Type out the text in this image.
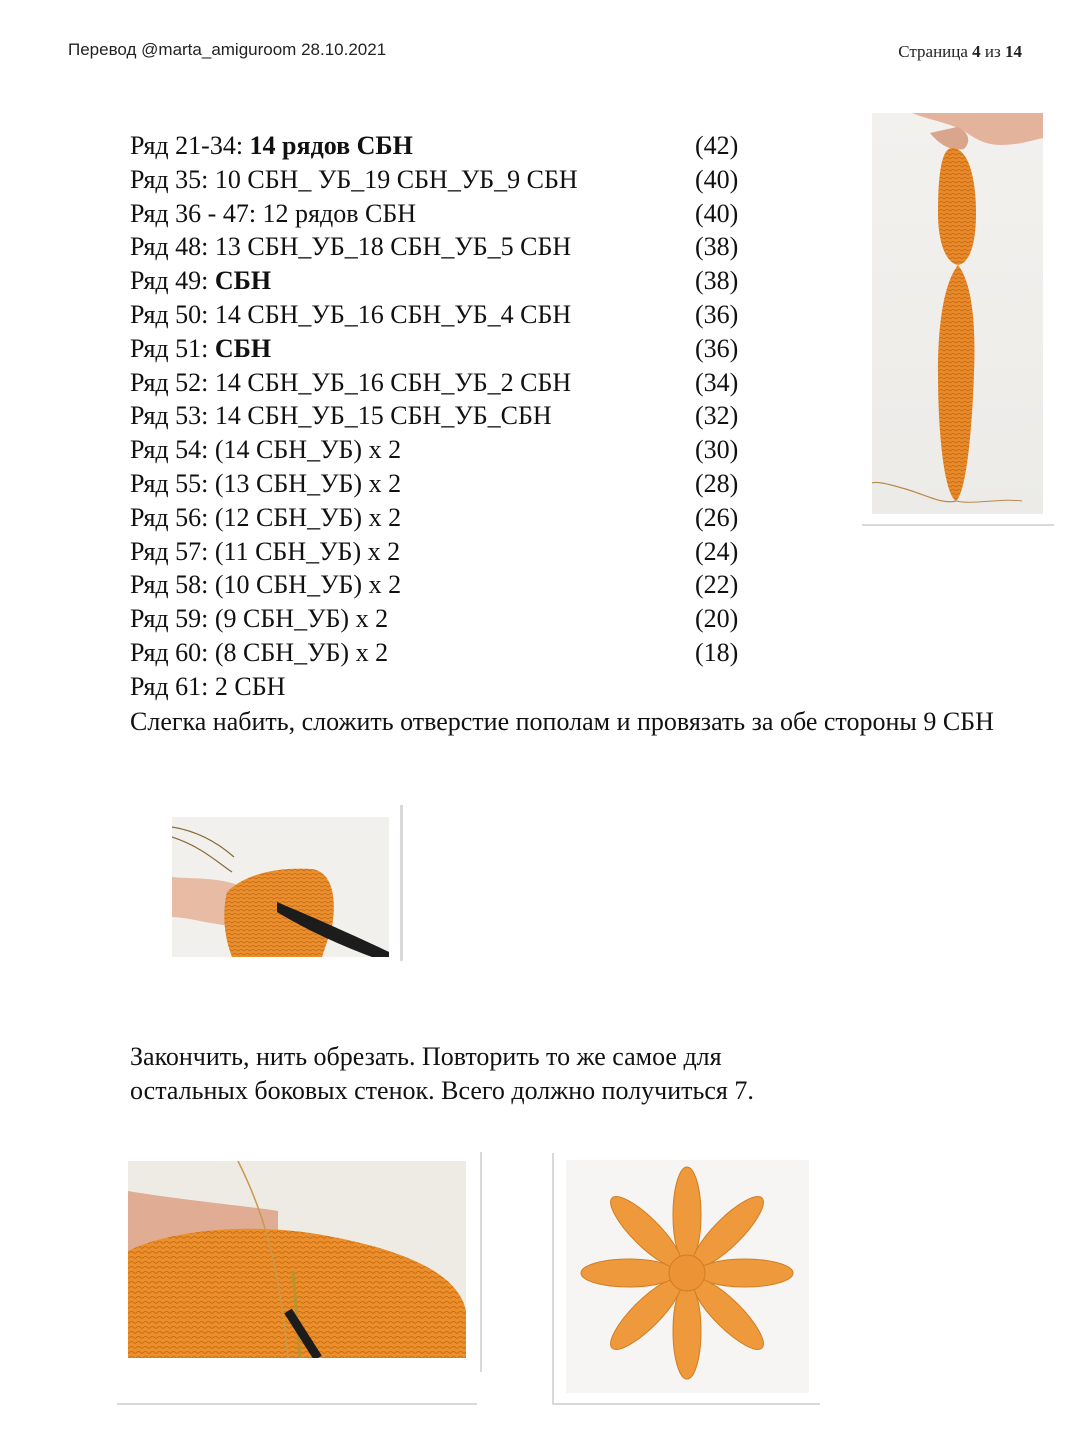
Перевод @marta_amiguroom 28.10.2021	Страница 4 из 14
Ряд 21-34: 14 рядов СБН	(42)
Ряд 35: 10 СБН_ УБ_19 СБН_УБ_9 СБН	(40)
Ряд 36 - 47: 12 рядов СБН	(40)
Ряд 48: 13 СБН_УБ_18 СБН_УБ_5 СБН	(38)
Ряд 49: СБН	(38)
Ряд 50: 14 СБН_УБ_16 СБН_УБ_4 СБН	(36)
Ряд 51: СБН	(36)
Ряд 52: 14 СБН_УБ_16 СБН_УБ_2 СБН	(34)
Ряд 53: 14 СБН_УБ_15 СБН_УБ_СБН	(32)
Ряд 54: (14 СБН_УБ) х 2	(30)
Ряд 55: (13 СБН_УБ) х 2	(28)
Ряд 56: (12 СБН_УБ) х 2	(26)
Ряд 57: (11 СБН_УБ) х 2	(24)
Ряд 58: (10 СБН_УБ) х 2	(22)
Ряд 59: (9 СБН_УБ) х 2	(20)
Ряд 60: (8 СБН_УБ) х 2	(18)
Ряд 61: 2 СБН
Слегка набить, сложить отверстие пополам и провязать за обе стороны 9 СБН
Закончить, нить обрезать. Повторить то же самое для
остальных боковых стенок. Всего должно получиться 7.
